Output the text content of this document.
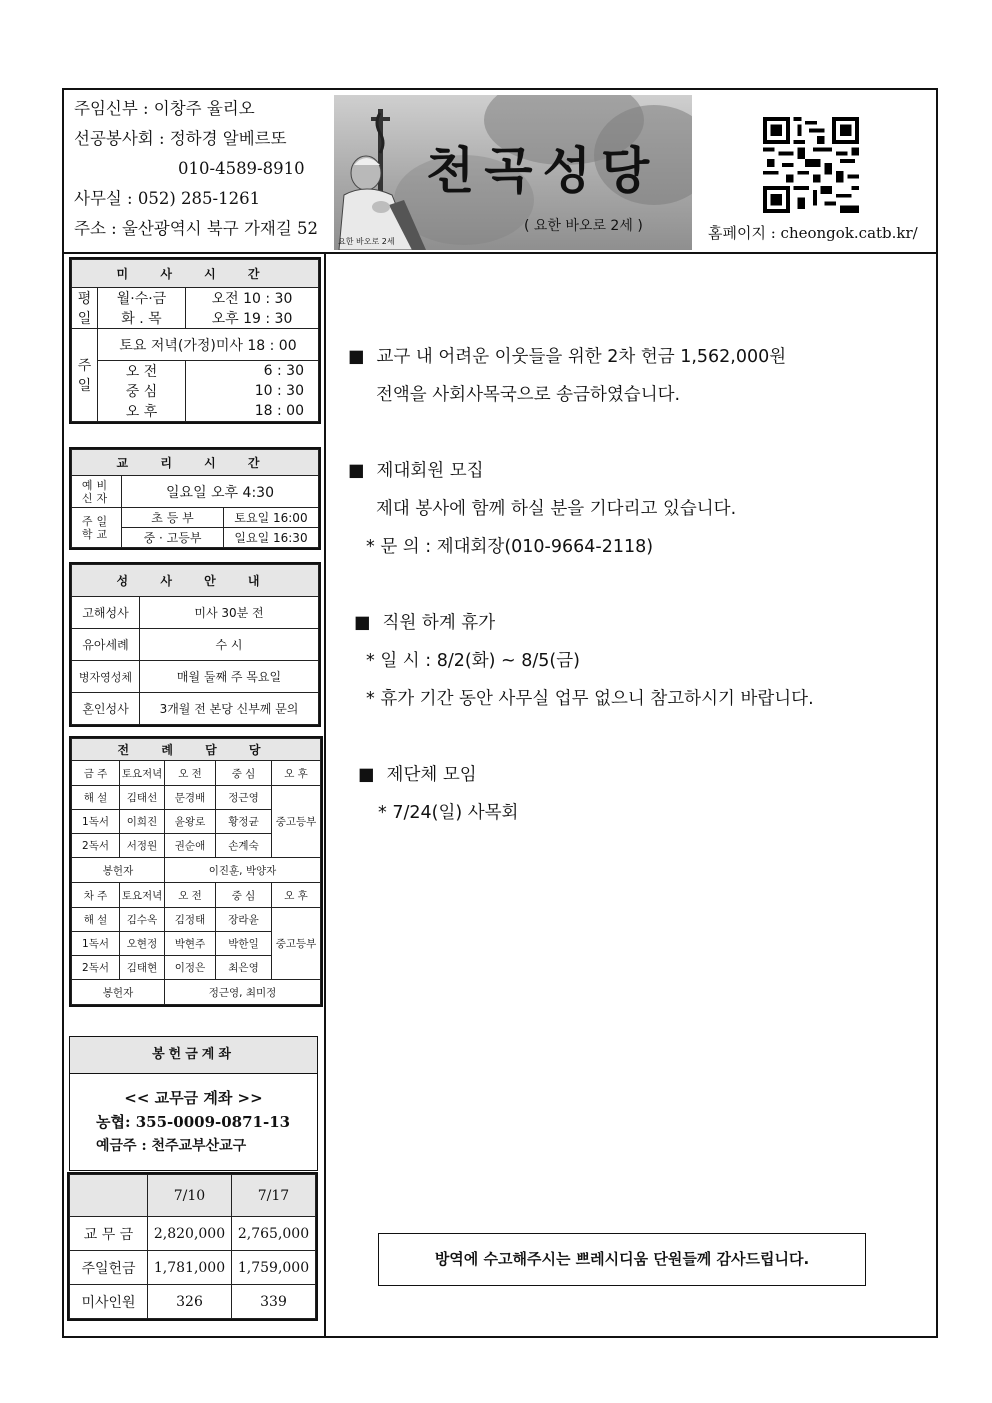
주임신부 : 이창주 율리오
선공봉사회 : 정하경 알베르또
010-4589-8910
사무실 : 052) 285-1261
주소 : 울산광역시 북구 가재길 52
천곡성당
( 요한 바오로 2세 )
요한 바오로 2세	홈페이지 : cheongok.catb.kr/
미 사 시 간		
평일	월·수·금	오전 10 : 30
	화 . 목	오후 19 : 30
주일	토요 저녁(가정)미사 18 : 00	
	오 전	6 : 30
	중 심	10 : 30
	오 후	18 : 00
교 리 시 간		
예비신자	일요일 오후 4:30	
주일학교	초 등 부	토요일 16:00
	중 · 고등부	일요일 16:30
성 사 안 내	
고해성사	미사 30분 전
유아세례	수 시
병자영성체	매월 둘째 주 목요일
혼인성사	3개월 전 본당 신부께 문의
전 례 담 당				
금 주	토요저녁	오 전	중 심	오 후
해 설	김태선	문경배	정근영	중고등부
1독서	이희진	윤왕로	황정균	
2독서	서정원	권순애	손계숙	
봉헌자		이진훈, 박양자		
차 주	토요저녁	오 전	중 심	오 후
해 설	김수옥	김정태	장라윤	중고등부
1독서	오현정	박현주	박한일	
2독서	김태현	이정은	최은영	
봉헌자		정근영, 최미정		
봉헌금계좌
<< 교무금 계좌 >>
농협: 355-0009-0871-13
예금주 : 천주교부산교구
	7/10	7/17
교 무 금	2,820,000	2,765,000
주일헌금	1,781,000	1,759,000
미사인원	326	339
■ 교구 내 어려운 이웃들을 위한 2차 헌금 1,562,000원
전액을 사회사목국으로 송금하였습니다.
■ 제대회원 모집
제대 봉사에 함께 하실 분을 기다리고 있습니다.
* 문 의 : 제대회장(010-9664-2118)
■ 직원 하계 휴가
* 일 시 : 8/2(화) ~ 8/5(금)
* 휴가 기간 동안 사무실 업무 없으니 참고하시기 바랍니다.
■ 제단체 모임
* 7/24(일) 사목회
방역에 수고해주시는 쁘레시디움 단원들께 감사드립니다.
